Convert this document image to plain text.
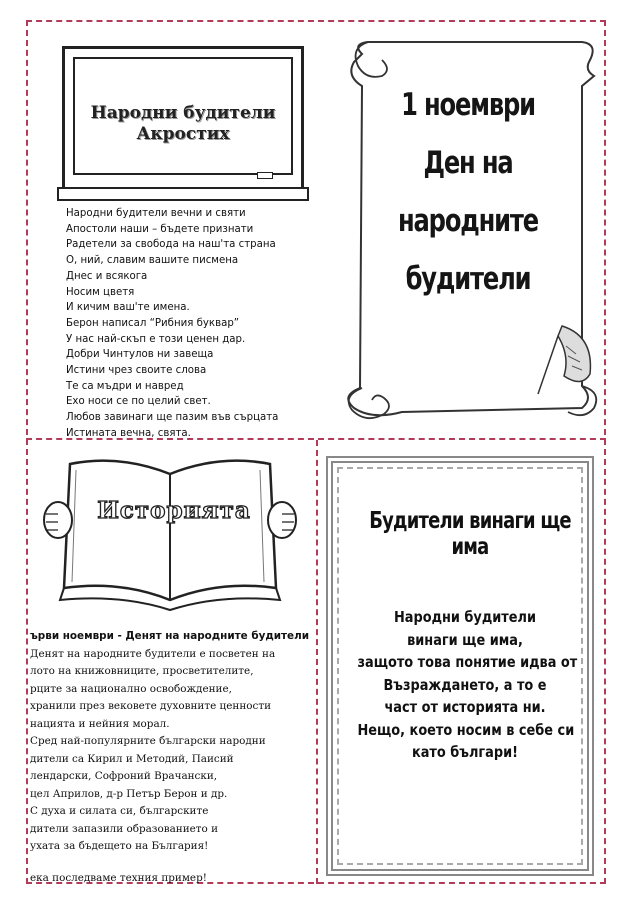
Народни будители
Акростих
Народни будители вечни и святи
Апостоли наши – бъдете признати
Радетели за свобода на наш'та страна
О, ний, славим вашите писмена
Днес и всякога
Носим цветя
И кичим ваш'те имена.
Берон написал “Рибния буквар”
У нас най-скъп е този ценен дар.
Добри Чинтулов ни завеща
Истини чрез своите слова
Те са мъдри и навред
Ехо носи се по целий свет.
Любов завинаги ще пазим във сърцата
Истината вечна, свята.
1 ноември
Ден на народните
будители
Историята
ърви ноември - Денят на народните будители
Денят на народните будители е посветен на
лото на книжовниците, просветителите,
рците за национално освобождение,
хранили през вековете духовните ценности
нацията и нейния морал.
Сред най-популярните български народни
дители са Кирил и Методий, Паисий
лендарски, Софроний Врачански,
цел Априлов, д-р Петър Берон и др.
С духа и силата си, българските
дители запазили образованието и
ухата за бъдещето на България!
ека последваме техния пример!
Будители винаги ще има
Народни будители
винаги ще има,
защото това понятие идва от
Възраждането, а то е
част от историята ни.
Нещо, което носим в себе си
като българи!
